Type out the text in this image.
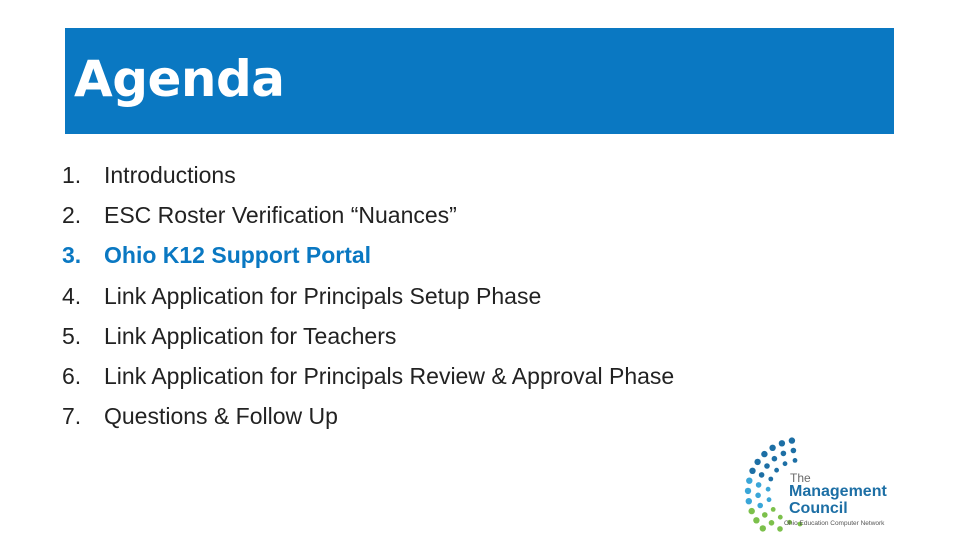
Agenda
1. Introductions
2. ESC Roster Verification “Nuances”
3. Ohio K12 Support Portal
4. Link Application for Principals Setup Phase
5. Link Application for Teachers
6. Link Application for Principals Review & Approval Phase
7. Questions & Follow Up
The
Management
Council
Ohio Education Computer Network
